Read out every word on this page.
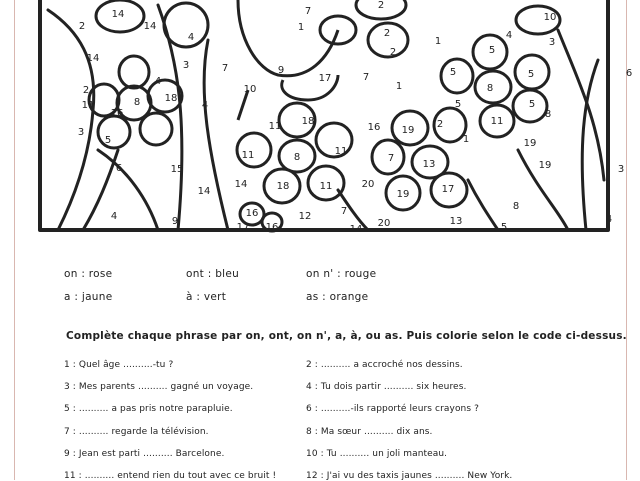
14	7
2
10
14
2
4
1
2
1
4
14
3
5
3
2
6
7
17	7	5	5
4
10
9
1
18
8
2
11	8
16
4
18
11
5	5
16 19
2	11
8
3
5
11	8
11
7
13
1	19
15
6
18	11
19	17
14	20
3
19
14
4	9
16	12	7
14
20	13
8
4
5
17 16
on : rose	ont : bleu	on n' : rouge
a : jaune	à : vert	as : orange
Complète chaque phrase par on, ont, on n', a, à, ou as. Puis colorie selon le code ci-dessus.
1 : Quel âge ..........-tu ?	2 : .......... a accroché nos dessins.
3 : Mes parents .......... gagné un voyage.	4 : Tu dois partir .......... six heures.
5 : .......... a pas pris notre parapluie.	6 : ..........-ils rapporté leurs crayons ?
7 : .......... regarde la télévision.	8 : Ma sœur .......... dix ans.
9 : Jean est parti .......... Barcelone.	10 : Tu .......... un joli manteau.
11 : .......... entend rien du tout avec ce bruit !	12 : J'ai vu des taxis jaunes .......... New York.
